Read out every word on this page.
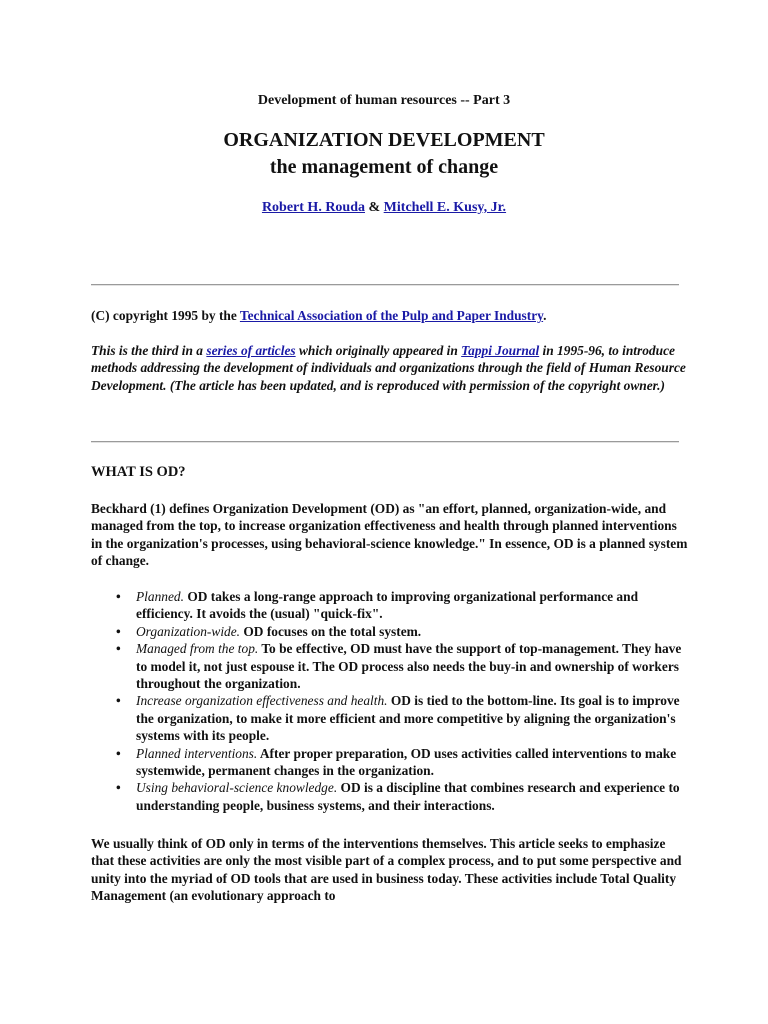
Development of human resources -- Part 3
ORGANIZATION DEVELOPMENT
the management of change
Robert H. Rouda & Mitchell E. Kusy, Jr.
(C) copyright 1995 by the Technical Association of the Pulp and Paper Industry.
This is the third in a series of articles which originally appeared in Tappi Journal in 1995-96, to introduce methods addressing the development of individuals and organizations through the field of Human Resource Development. (The article has been updated, and is reproduced with permission of the copyright owner.)
WHAT IS OD?
Beckhard (1) defines Organization Development (OD) as "an effort, planned, organization-wide, and managed from the top, to increase organization effectiveness and health through planned interventions in the organization's processes, using behavioral-science knowledge." In essence, OD is a planned system of change.
• Planned. OD takes a long-range approach to improving organizational performance and efficiency. It avoids the (usual) "quick-fix".
• Organization-wide. OD focuses on the total system.
• Managed from the top. To be effective, OD must have the support of top-management. They have to model it, not just espouse it. The OD process also needs the buy-in and ownership of workers throughout the organization.
• Increase organization effectiveness and health. OD is tied to the bottom-line. Its goal is to improve the organization, to make it more efficient and more competitive by aligning the organization's systems with its people.
• Planned interventions. After proper preparation, OD uses activities called interventions to make systemwide, permanent changes in the organization.
• Using behavioral-science knowledge. OD is a discipline that combines research and experience to understanding people, business systems, and their interactions.
We usually think of OD only in terms of the interventions themselves. This article seeks to emphasize that these activities are only the most visible part of a complex process, and to put some perspective and unity into the myriad of OD tools that are used in business today. These activities include Total Quality Management (an evolutionary approach to
